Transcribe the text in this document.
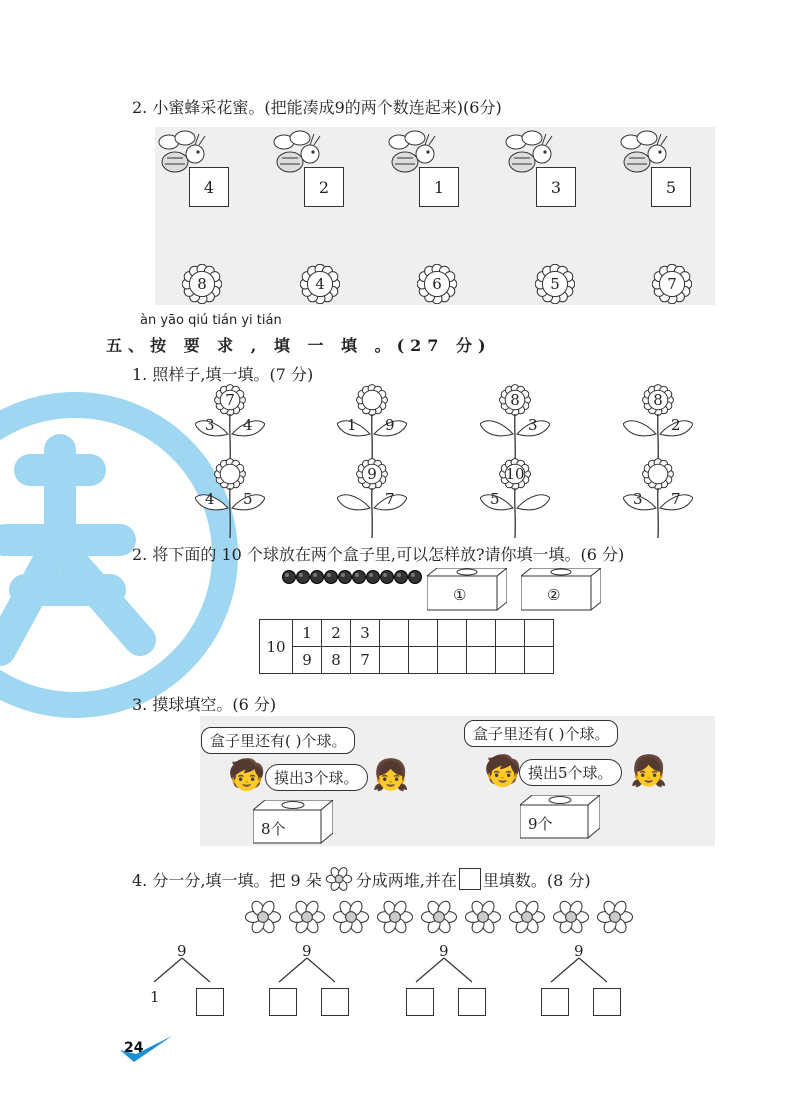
2. 小蜜蜂采花蜜。(把能凑成9的两个数连起来)(6分)
4	2	1	3	5
8	4	6	5	7
àn yāo qiú tián yi tián
五、按 要 求 , 填 一 填 。(27 分)
1. 照样子,填一填。(7 分)
7
3 4	1 9
8
3
8
2
4 5
9
7
10
5	3 7
2. 将下面的 10 个球放在两个盒子里,可以怎样放?请你填一填。(6 分)
①	②
10	1	2	3						
	9	8	7						
3. 摸球填空。(6 分)
盒子里还有( )个球。
摸出3个球。
🧒	👧
8个
盒子里还有( )个球。
摸出5个球。
🧒	👧
9个
4. 分一分,填一填。把 9 朵 分成两堆,并在 里填数。(8 分)
9
1
9	9	9
24
